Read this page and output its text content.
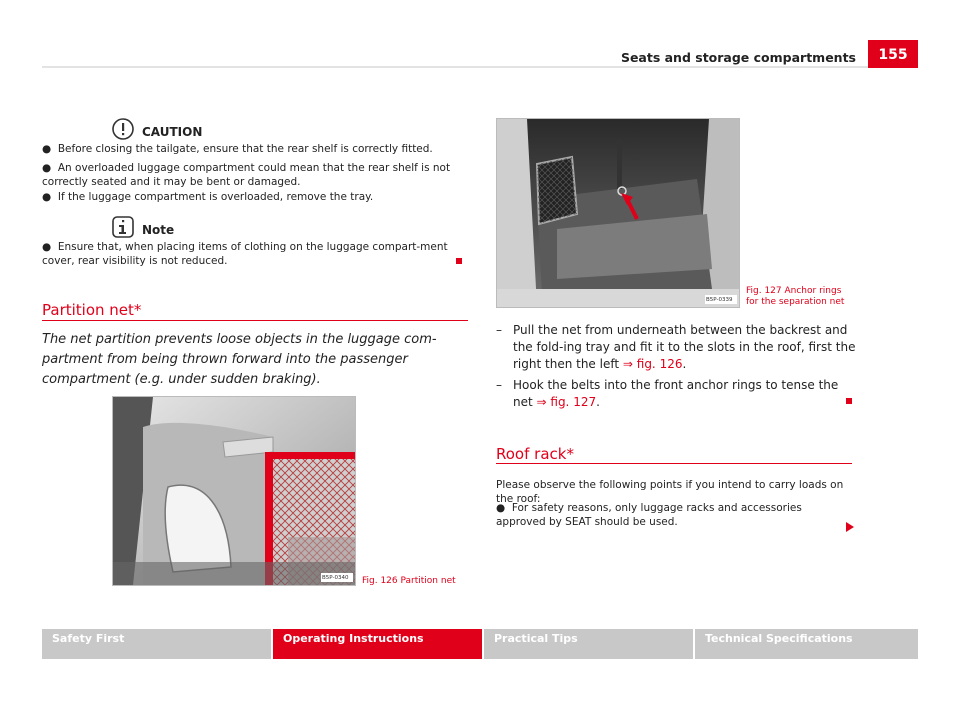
Seats and storage compartments	155
CAUTION
●  Before closing the tailgate, ensure that the rear shelf is correctly fitted.
●  An overloaded luggage compartment could mean that the rear shelf is not correctly seated and it may be bent or damaged.
●  If the luggage compartment is overloaded, remove the tray.
Note
●  Ensure that, when placing items of clothing on the luggage compart-ment cover, rear visibility is not reduced.
Partition net*
The net partition prevents loose objects in the luggage com-partment from being thrown forward into the passenger compartment (e.g. under sudden braking).
B5P-0340 Fig. 126 Partition net
B5P-0339
Fig. 127 Anchor rings
for the separation net
– Pull the net from underneath between the backrest and the fold-ing tray and fit it to the slots in the roof, first the right then the left ⇒ fig. 126.
– Hook the belts into the front anchor rings to tense the net ⇒ fig. 127.
Roof rack*
Please observe the following points if you intend to carry loads on the roof:
●  For safety reasons, only luggage racks and accessories approved by SEAT should be used.
Safety First	Operating Instructions	Practical Tips	Technical Specifications
